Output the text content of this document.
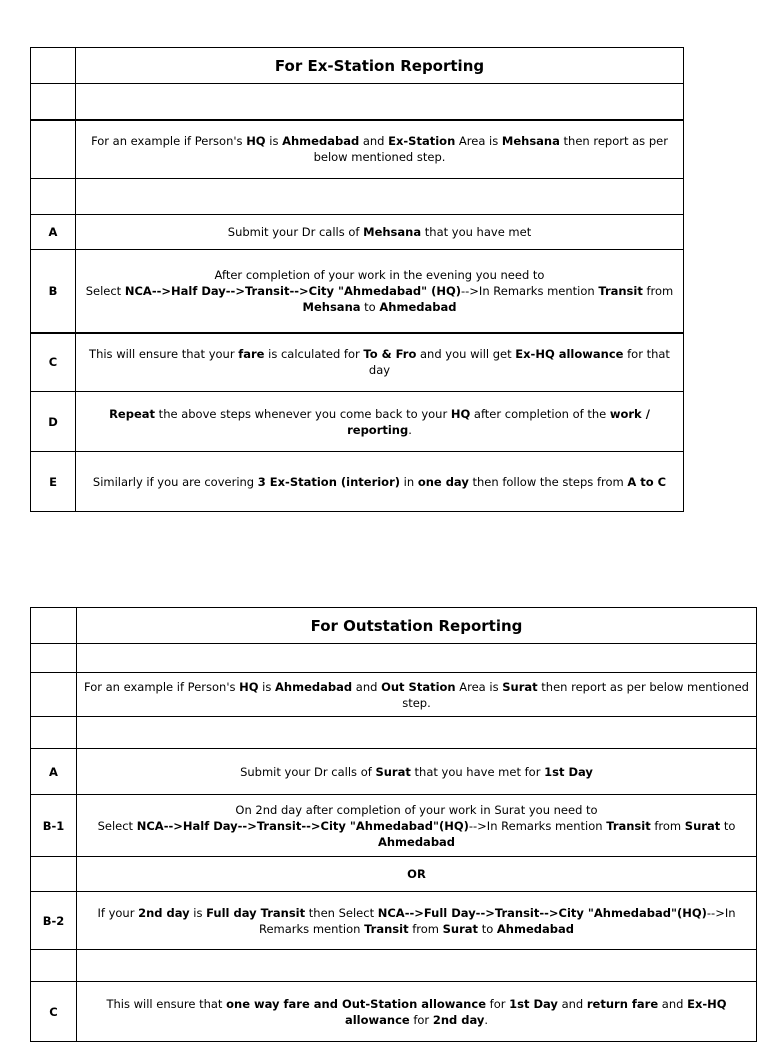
	For Ex-Station Reporting

	For an example if Person's HQ is Ahmedabad and Ex-Station Area is Mehsana then report as per below mentioned step.

A	Submit your Dr calls of Mehsana that you have met
B	After completion of your work in the evening you need to
Select NCA-->Half Day-->Transit-->City "Ahmedabad" (HQ)-->In Remarks mention Transit from Mehsana to Ahmedabad
C	This will ensure that your fare is calculated for To & Fro and you will get Ex-HQ allowance for that day
D	Repeat the above steps whenever you come back to your HQ after completion of the work / reporting.
E	Similarly if you are covering 3 Ex-Station (interior) in one day then follow the steps from A to C
	For Outstation Reporting

	For an example if Person's HQ is Ahmedabad and Out Station Area is Surat then report as per below mentioned step.

A	Submit your Dr calls of Surat that you have met for 1st Day
B-1	On 2nd day after completion of your work in Surat you need to
Select NCA-->Half Day-->Transit-->City "Ahmedabad"(HQ)-->In Remarks mention Transit from Surat to Ahmedabad
	OR
B-2	If your 2nd day is Full day Transit then Select NCA-->Full Day-->Transit-->City "Ahmedabad"(HQ)-->In Remarks mention Transit from Surat to Ahmedabad

C	This will ensure that one way fare and Out-Station allowance for 1st Day and return fare and Ex-HQ allowance for 2nd day.
